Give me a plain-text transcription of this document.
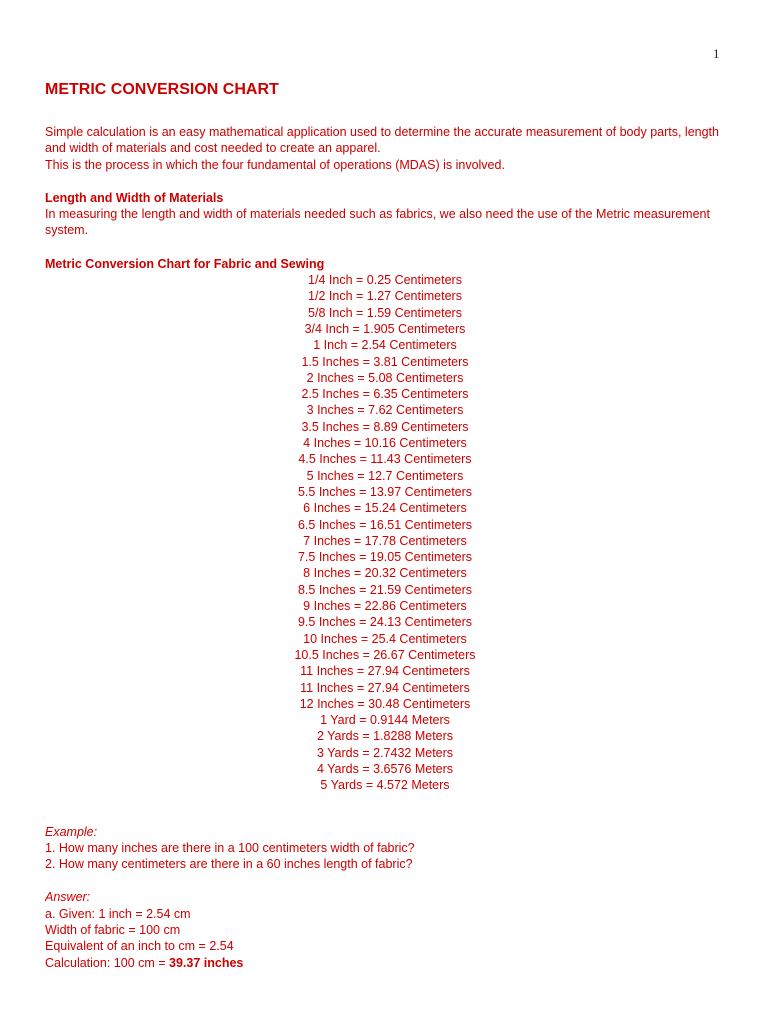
1
METRIC CONVERSION CHART

Simple calculation is an easy mathematical application used to determine the accurate measurement of body parts, length and width of materials and cost needed to create an apparel.

This is the process in which the four fundamental of operations (MDAS) is involved.

Length and Width of Materials

In measuring the length and width of materials needed such as fabrics, we also need the use of the Metric measurement system.

Metric Conversion Chart for Fabric and Sewing

1/4 Inch = 0.25 Centimeters
1/2 Inch = 1.27 Centimeters
5/8 Inch = 1.59 Centimeters
3/4 Inch = 1.905 Centimeters
1 Inch = 2.54 Centimeters
1.5 Inches = 3.81 Centimeters
2 Inches = 5.08 Centimeters
2.5 Inches = 6.35 Centimeters
3 Inches = 7.62 Centimeters
3.5 Inches = 8.89 Centimeters
4 Inches = 10.16 Centimeters
4.5 Inches = 11.43 Centimeters
5 Inches = 12.7 Centimeters
5.5 Inches = 13.97 Centimeters
6 Inches = 15.24 Centimeters
6.5 Inches = 16.51 Centimeters
7 Inches = 17.78 Centimeters
7.5 Inches = 19.05 Centimeters
8 Inches = 20.32 Centimeters
8.5 Inches = 21.59 Centimeters
9 Inches = 22.86 Centimeters
9.5 Inches = 24.13 Centimeters
10 Inches = 25.4 Centimeters
10.5 Inches = 26.67 Centimeters
11 Inches = 27.94 Centimeters
11 Inches = 27.94 Centimeters
12 Inches = 30.48 Centimeters
1 Yard = 0.9144 Meters
2 Yards = 1.8288 Meters
3 Yards = 2.7432 Meters
4 Yards = 3.6576 Meters
5 Yards = 4.572 Meters

Example:

1. How many inches are there in a 100 centimeters width of fabric?

2. How many centimeters are there in a 60 inches length of fabric?

Answer:

a. Given: 1 inch = 2.54 cm

Width of fabric = 100 cm

Equivalent of an inch to cm = 2.54

Calculation: 100 cm = 39.37 inches
